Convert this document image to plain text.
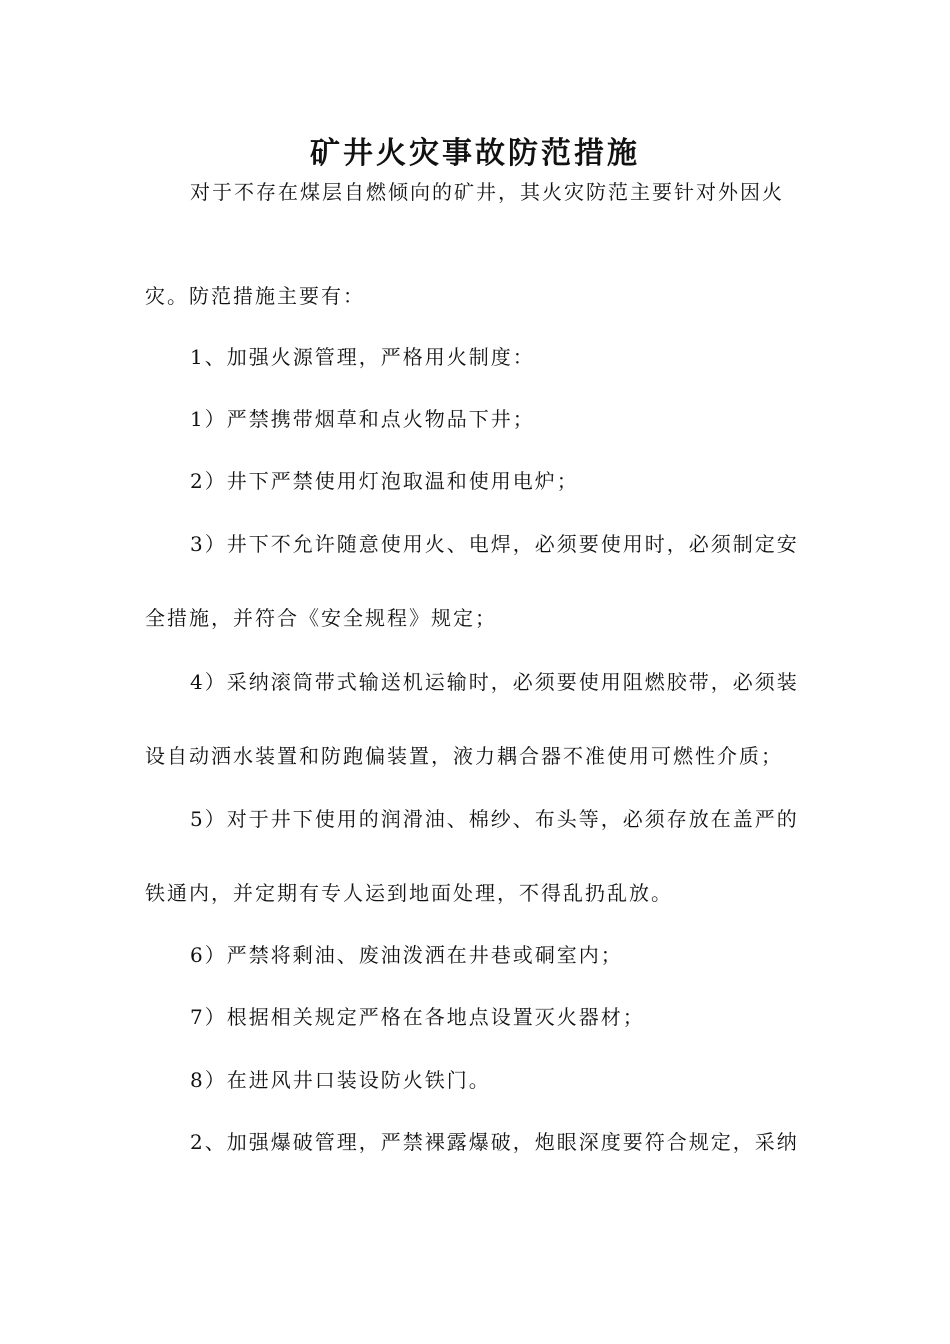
矿井火灾事故防范措施
对于不存在煤层自燃倾向的矿井，其火灾防范主要针对外因火
灾。防范措施主要有：
1、加强火源管理，严格用火制度：
1）严禁携带烟草和点火物品下井；
2）井下严禁使用灯泡取温和使用电炉；
3）井下不允许随意使用火、电焊，必须要使用时，必须制定安
全措施，并符合《安全规程》规定；
4）采纳滚筒带式输送机运输时，必须要使用阻燃胶带，必须装
设自动洒水装置和防跑偏装置，液力耦合器不准使用可燃性介质；
5）对于井下使用的润滑油、棉纱、布头等，必须存放在盖严的
铁通内，并定期有专人运到地面处理，不得乱扔乱放。
6）严禁将剩油、废油泼洒在井巷或硐室内；
7）根据相关规定严格在各地点设置灭火器材；
8）在进风井口装设防火铁门。
2、加强爆破管理，严禁裸露爆破，炮眼深度要符合规定，采纳
